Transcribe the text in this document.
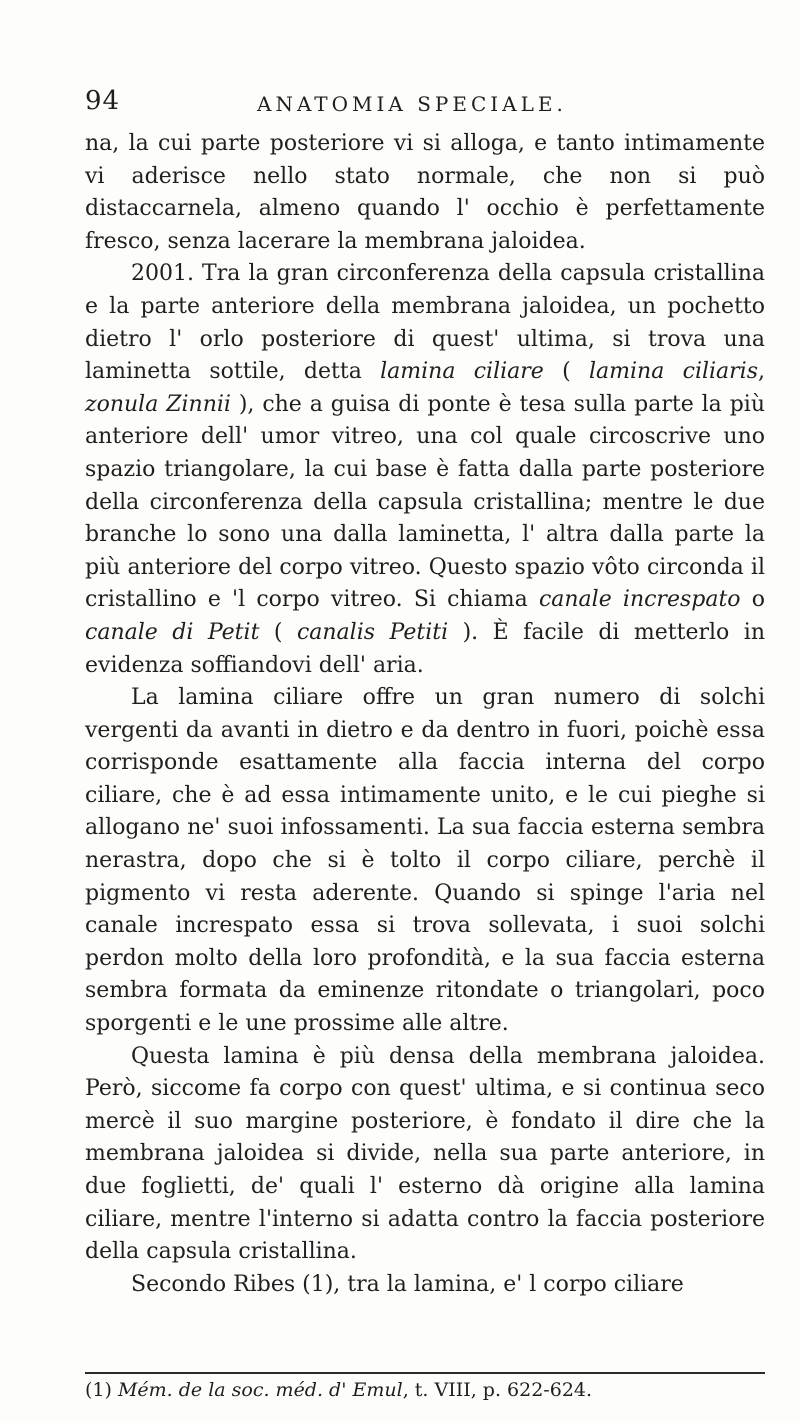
94	ANATOMIA SPECIALE.

na, la cui parte posteriore vi si alloga, e tanto intimamente vi aderisce nello stato normale, che non si può distaccarnela, almeno quando l' occhio è perfettamente fresco, senza lacerare la membrana jaloidea.

2001. Tra la gran circonferenza della capsula cristallina e la parte anteriore della membrana jaloidea, un pochetto dietro l' orlo posteriore di quest' ultima, si trova una laminetta sottile, detta lamina ciliare ( lamina ciliaris, zonula Zinnii ), che a guisa di ponte è tesa sulla parte la più anteriore dell' umor vitreo, una col quale circoscrive uno spazio triangolare, la cui base è fatta dalla parte posteriore della circonferenza della capsula cristallina; mentre le due branche lo sono una dalla laminetta, l' altra dalla parte la più anteriore del corpo vitreo. Questo spazio vôto circonda il cristallino e 'l corpo vitreo. Si chiama canale increspato o canale di Petit ( canalis Petiti ). È facile di metterlo in evidenza soffiandovi dell' aria.

La lamina ciliare offre un gran numero di solchi vergenti da avanti in dietro e da dentro in fuori, poichè essa corrisponde esattamente alla faccia interna del corpo ciliare, che è ad essa intimamente unito, e le cui pieghe si allogano ne' suoi infossamenti. La sua faccia esterna sembra nerastra, dopo che si è tolto il corpo ciliare, perchè il pigmento vi resta aderente. Quando si spinge l'aria nel canale increspato essa si trova sollevata, i suoi solchi perdon molto della loro profondità, e la sua faccia esterna sembra formata da eminenze ritondate o triangolari, poco sporgenti e le une prossime alle altre.

Questa lamina è più densa della membrana jaloidea. Però, siccome fa corpo con quest' ultima, e si continua seco mercè il suo margine posteriore, è fondato il dire che la membrana jaloidea si divide, nella sua parte anteriore, in due foglietti, de' quali l' esterno dà origine alla lamina ciliare, mentre l'interno si adatta contro la faccia posteriore della capsula cristallina.

Secondo Ribes (1), tra la lamina, e' l corpo ciliare

(1) Mém. de la soc. méd. d' Emul, t. VIII, p. 622-624.
